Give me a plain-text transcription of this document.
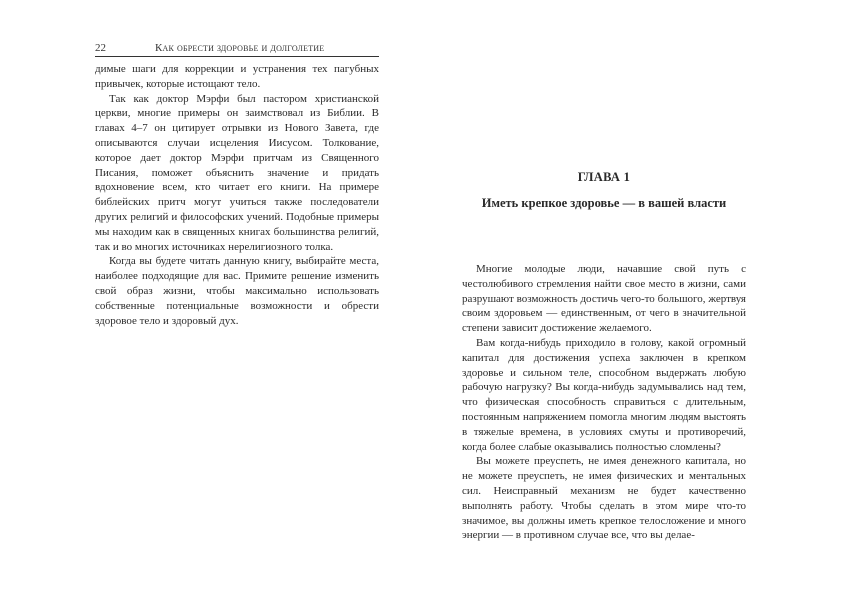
22	Как обрести здоровье и долголетие

димые шаги для коррекции и устранения тех пагубных привычек, которые истощают тело.

Так как доктор Мэрфи был пастором христианской церкви, многие примеры он заимствовал из Библии. В главах 4–7 он цитирует отрывки из Нового Завета, где описываются случаи исцеления Иисусом. Толкование, которое дает доктор Мэрфи притчам из Священного Писания, поможет объяснить значение и придать вдохновение всем, кто читает его книги. На примере библейских притч могут учиться также последователи других религий и философских учений. Подобные примеры мы находим как в священных книгах большинства религий, так и во многих источниках нерелигиозного толка.

Когда вы будете читать данную книгу, выбирайте места, наиболее подходящие для вас. Примите решение изменить свой образ жизни, чтобы максимально использовать собственные потенциальные возможности и обрести здоровое тело и здоровый дух.

ГЛАВА 1
Иметь крепкое здоровье — в вашей власти

Многие молодые люди, начавшие свой путь с честолюбивого стремления найти свое место в жизни, сами разрушают возможность достичь чего-то большого, жертвуя своим здоровьем — единственным, от чего в значительной степени зависит достижение желаемого.

Вам когда-нибудь приходило в голову, какой огромный капитал для достижения успеха заключен в крепком здоровье и сильном теле, способном выдержать любую рабочую нагрузку? Вы когда-нибудь задумывались над тем, что физическая способность справиться с длительным, постоянным напряжением помогла многим людям выстоять в тяжелые времена, в условиях смуты и противоречий, когда более слабые оказывались полностью сломлены?

Вы можете преуспеть, не имея денежного капитала, но не можете преуспеть, не имея физических и ментальных сил. Неисправный механизм не будет качественно выполнять работу. Чтобы сделать в этом мире что-то значимое, вы должны иметь крепкое телосложение и много энергии — в противном случае все, что вы делае-
